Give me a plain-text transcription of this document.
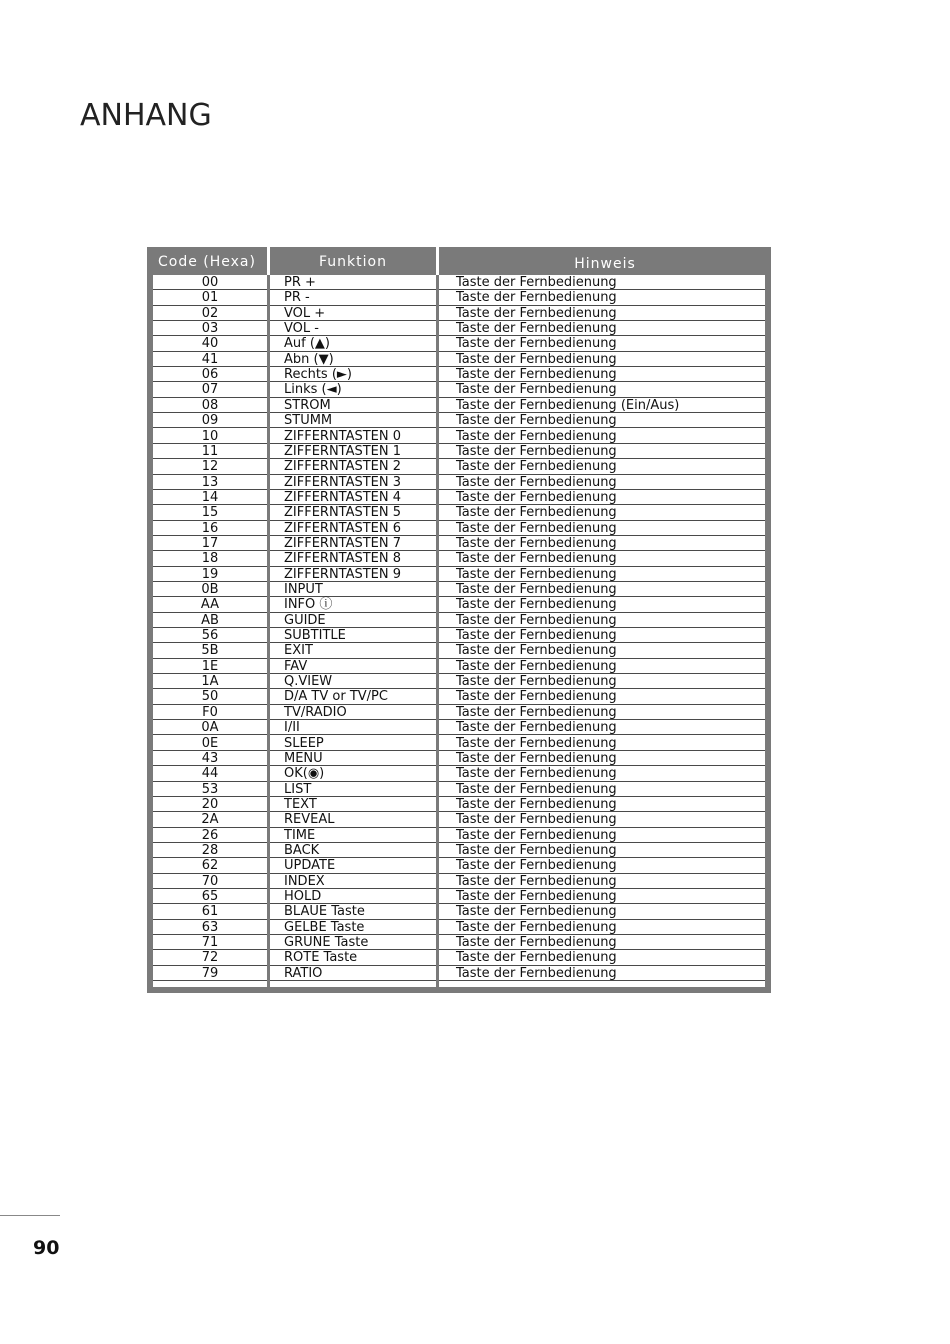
ANHANG
Code (Hexa)	Funktion	Hinweis
00	PR +	Taste der Fernbedienung
01	PR -	Taste der Fernbedienung
02	VOL +	Taste der Fernbedienung
03	VOL -	Taste der Fernbedienung
40	Auf (▲)	Taste der Fernbedienung
41	Abn (▼)	Taste der Fernbedienung
06	Rechts (►)	Taste der Fernbedienung
07	Links (◄)	Taste der Fernbedienung
08	STROM	Taste der Fernbedienung (Ein/Aus)
09	STUMM	Taste der Fernbedienung
10	ZIFFERNTASTEN 0	Taste der Fernbedienung
11	ZIFFERNTASTEN 1	Taste der Fernbedienung
12	ZIFFERNTASTEN 2	Taste der Fernbedienung
13	ZIFFERNTASTEN 3	Taste der Fernbedienung
14	ZIFFERNTASTEN 4	Taste der Fernbedienung
15	ZIFFERNTASTEN 5	Taste der Fernbedienung
16	ZIFFERNTASTEN 6	Taste der Fernbedienung
17	ZIFFERNTASTEN 7	Taste der Fernbedienung
18	ZIFFERNTASTEN 8	Taste der Fernbedienung
19	ZIFFERNTASTEN 9	Taste der Fernbedienung
0B	INPUT	Taste der Fernbedienung
AA	INFO ⓘ	Taste der Fernbedienung
AB	GUIDE	Taste der Fernbedienung
56	SUBTITLE	Taste der Fernbedienung
5B	EXIT	Taste der Fernbedienung
1E	FAV	Taste der Fernbedienung
1A	Q.VIEW	Taste der Fernbedienung
50	D/A TV or TV/PC	Taste der Fernbedienung
F0	TV/RADIO	Taste der Fernbedienung
0A	I/II	Taste der Fernbedienung
0E	SLEEP	Taste der Fernbedienung
43	MENU	Taste der Fernbedienung
44	OK(◉)	Taste der Fernbedienung
53	LIST	Taste der Fernbedienung
20	TEXT	Taste der Fernbedienung
2A	REVEAL	Taste der Fernbedienung
26	TIME	Taste der Fernbedienung
28	BACK	Taste der Fernbedienung
62	UPDATE	Taste der Fernbedienung
70	INDEX	Taste der Fernbedienung
65	HOLD	Taste der Fernbedienung
61	BLAUE Taste	Taste der Fernbedienung
63	GELBE Taste	Taste der Fernbedienung
71	GRUNE Taste	Taste der Fernbedienung
72	ROTE Taste	Taste der Fernbedienung
79	RATIO	Taste der Fernbedienung
90
